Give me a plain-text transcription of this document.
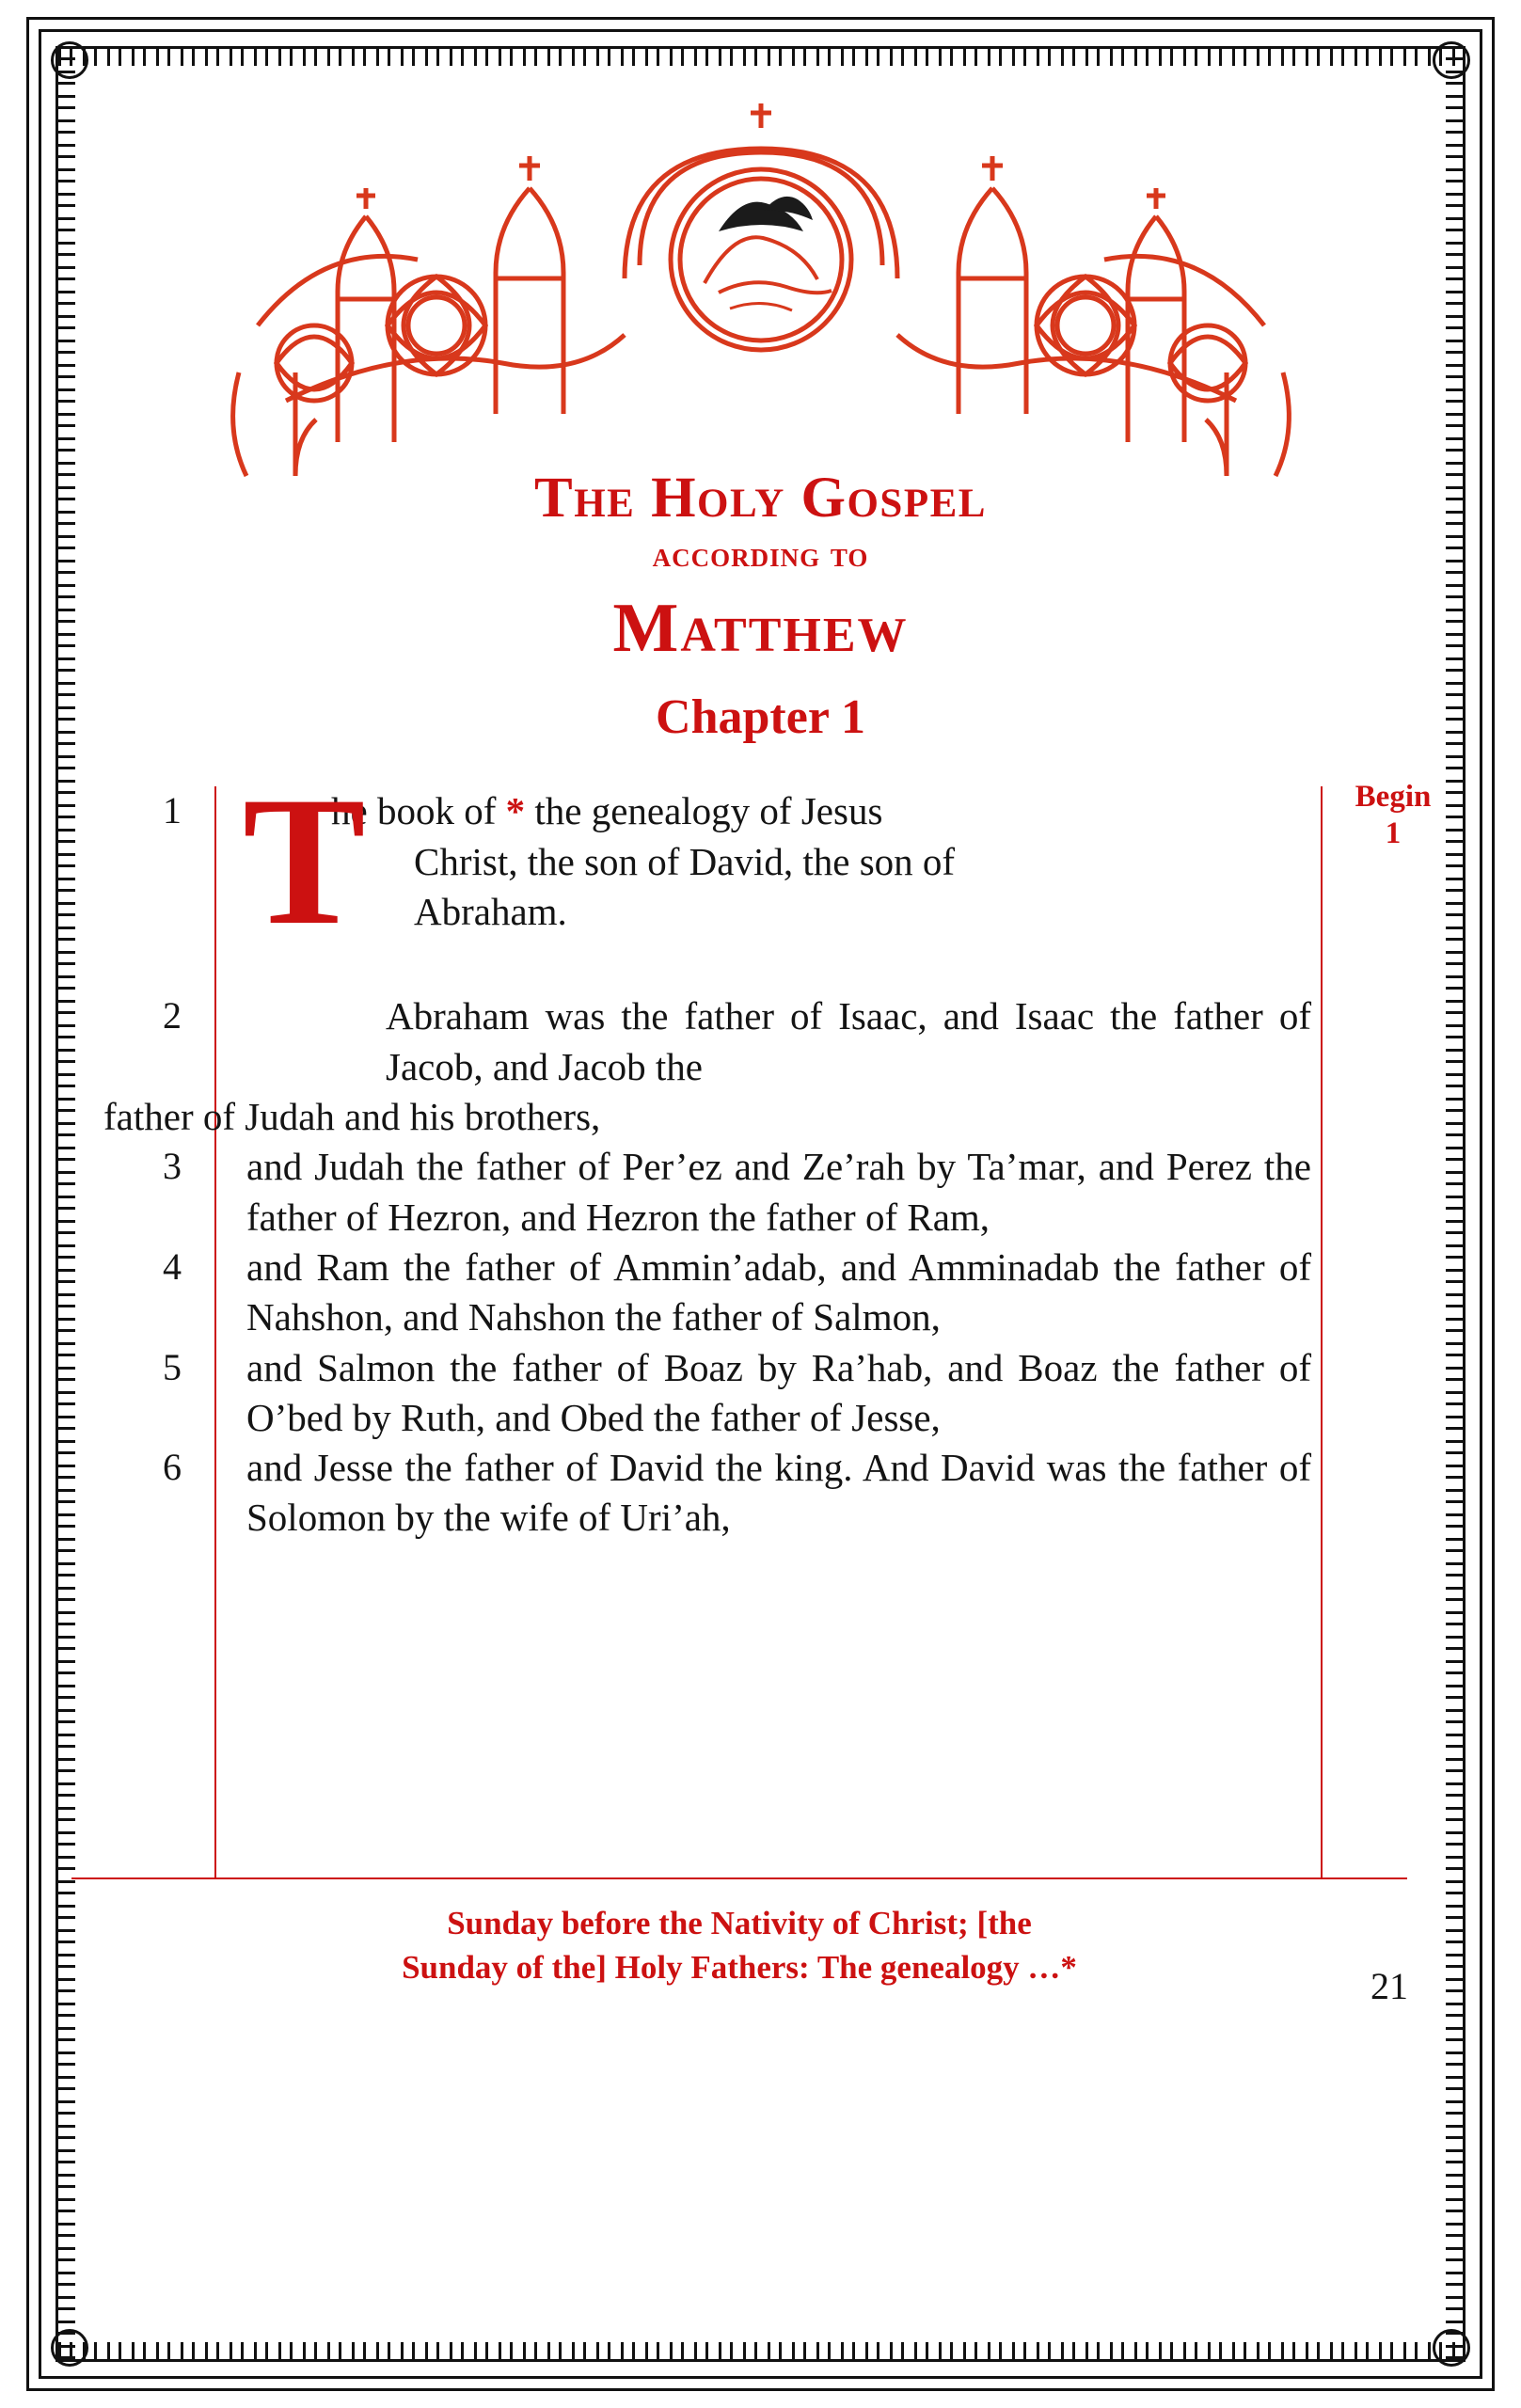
The Holy Gospel
according to
Matthew
Chapter 1
Begin
1
1 T
he book of * the genealogy of Jesus
Christ, the son of David, the son of
Abraham.
2	Abraham was the father of Isaac, and Isaac the father of Jacob, and Jacob the
father of Judah and his brothers,
3	and Judah the father of Per’ez and Ze’rah by Ta’mar, and Perez the father of Hezron, and Hezron the father of Ram,
4	and Ram the father of Ammin’adab, and Amminadab the father of Nahshon, and Nahshon the father of Salmon,
5	and Salmon the father of Boaz by Ra’hab, and Boaz the father of O’bed by Ruth, and Obed the father of Jesse,
6	and Jesse the father of David the king. And David was the father of Solomon by the wife of Uri’ah,
Sunday before the Nativity of Christ; [the
Sunday of the] Holy Fathers: The genealogy …*	21
